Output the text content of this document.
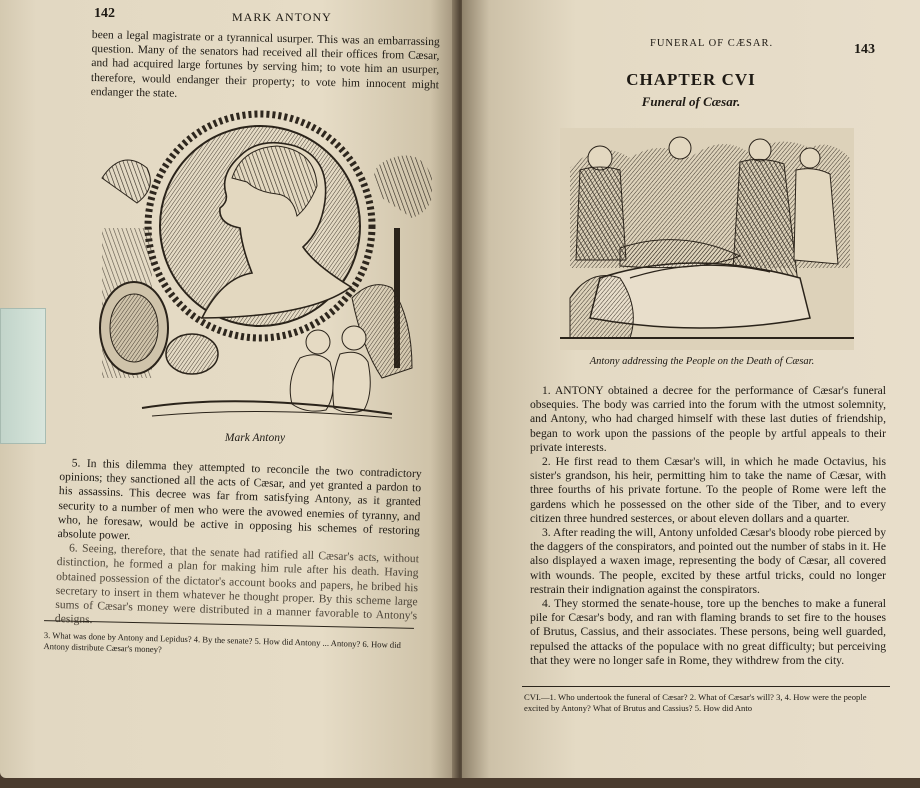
142	MARK ANTONY

been a legal magistrate or a tyrannical usurper. This was an embarrassing question. Many of the senators had received all their offices from Cæsar, and had acquired large fortunes by serving him; to vote him an usurper, therefore, would endanger their property; to vote him innocent might endanger the state.

Mark Antony

5. In this dilemma they attempted to reconcile the two contradictory opinions; they sanctioned all the acts of Cæsar, and yet granted a pardon to his assassins. This decree was far from satisfying Antony, as it granted security to a number of men who were the avowed enemies of tyranny, and who, he foresaw, would be active in opposing his schemes of restoring absolute power.

6. Seeing, therefore, that the senate had ratified all Cæsar's acts, without distinction, he formed a plan for making him rule after his death. Having obtained possession of the dictator's account books and papers, he bribed his secretary to insert in them whatever he thought proper. By this scheme large sums of Cæsar's money were distributed in a manner favorable to Antony's designs.

3. What was done by Antony and Lepidus? 4. By the senate? 5. How did Antony ... Antony? 6. How did Antony distribute Cæsar's money?
FUNERAL OF CÆSAR.	143
CHAPTER CVI
Funeral of Cæsar.
Antony addressing the People on the Death of Cæsar.

1. ANTONY obtained a decree for the performance of Cæsar's funeral obsequies. The body was carried into the forum with the utmost solemnity, and Antony, who had charged himself with these last duties of friendship, began to work upon the passions of the people by artful appeals to their private interests.

2. He first read to them Cæsar's will, in which he made Octavius, his sister's grandson, his heir, permitting him to take the name of Cæsar, with three fourths of his private fortune. To the people of Rome were left the gardens which he possessed on the other side of the Tiber, and to every citizen three hundred sesterces, or about eleven dollars and a quarter.

3. After reading the will, Antony unfolded Cæsar's bloody robe pierced by the daggers of the conspirators, and pointed out the number of stabs in it. He also displayed a waxen image, representing the body of Cæsar, all covered with wounds. The people, excited by these artful tricks, could no longer restrain their indignation against the conspirators.

4. They stormed the senate-house, tore up the benches to make a funeral pile for Cæsar's body, and ran with flaming brands to set fire to the houses of Brutus, Cassius, and their associates. These persons, being well guarded, repulsed the attacks of the populace with no great difficulty; but perceiving that they were no longer safe in Rome, they withdrew from the city.

CVI.—1. Who undertook the funeral of Cæsar? 2. What of Cæsar's will? 3, 4. How were the people excited by Antony? What of Brutus and Cassius? 5. How did Anto
